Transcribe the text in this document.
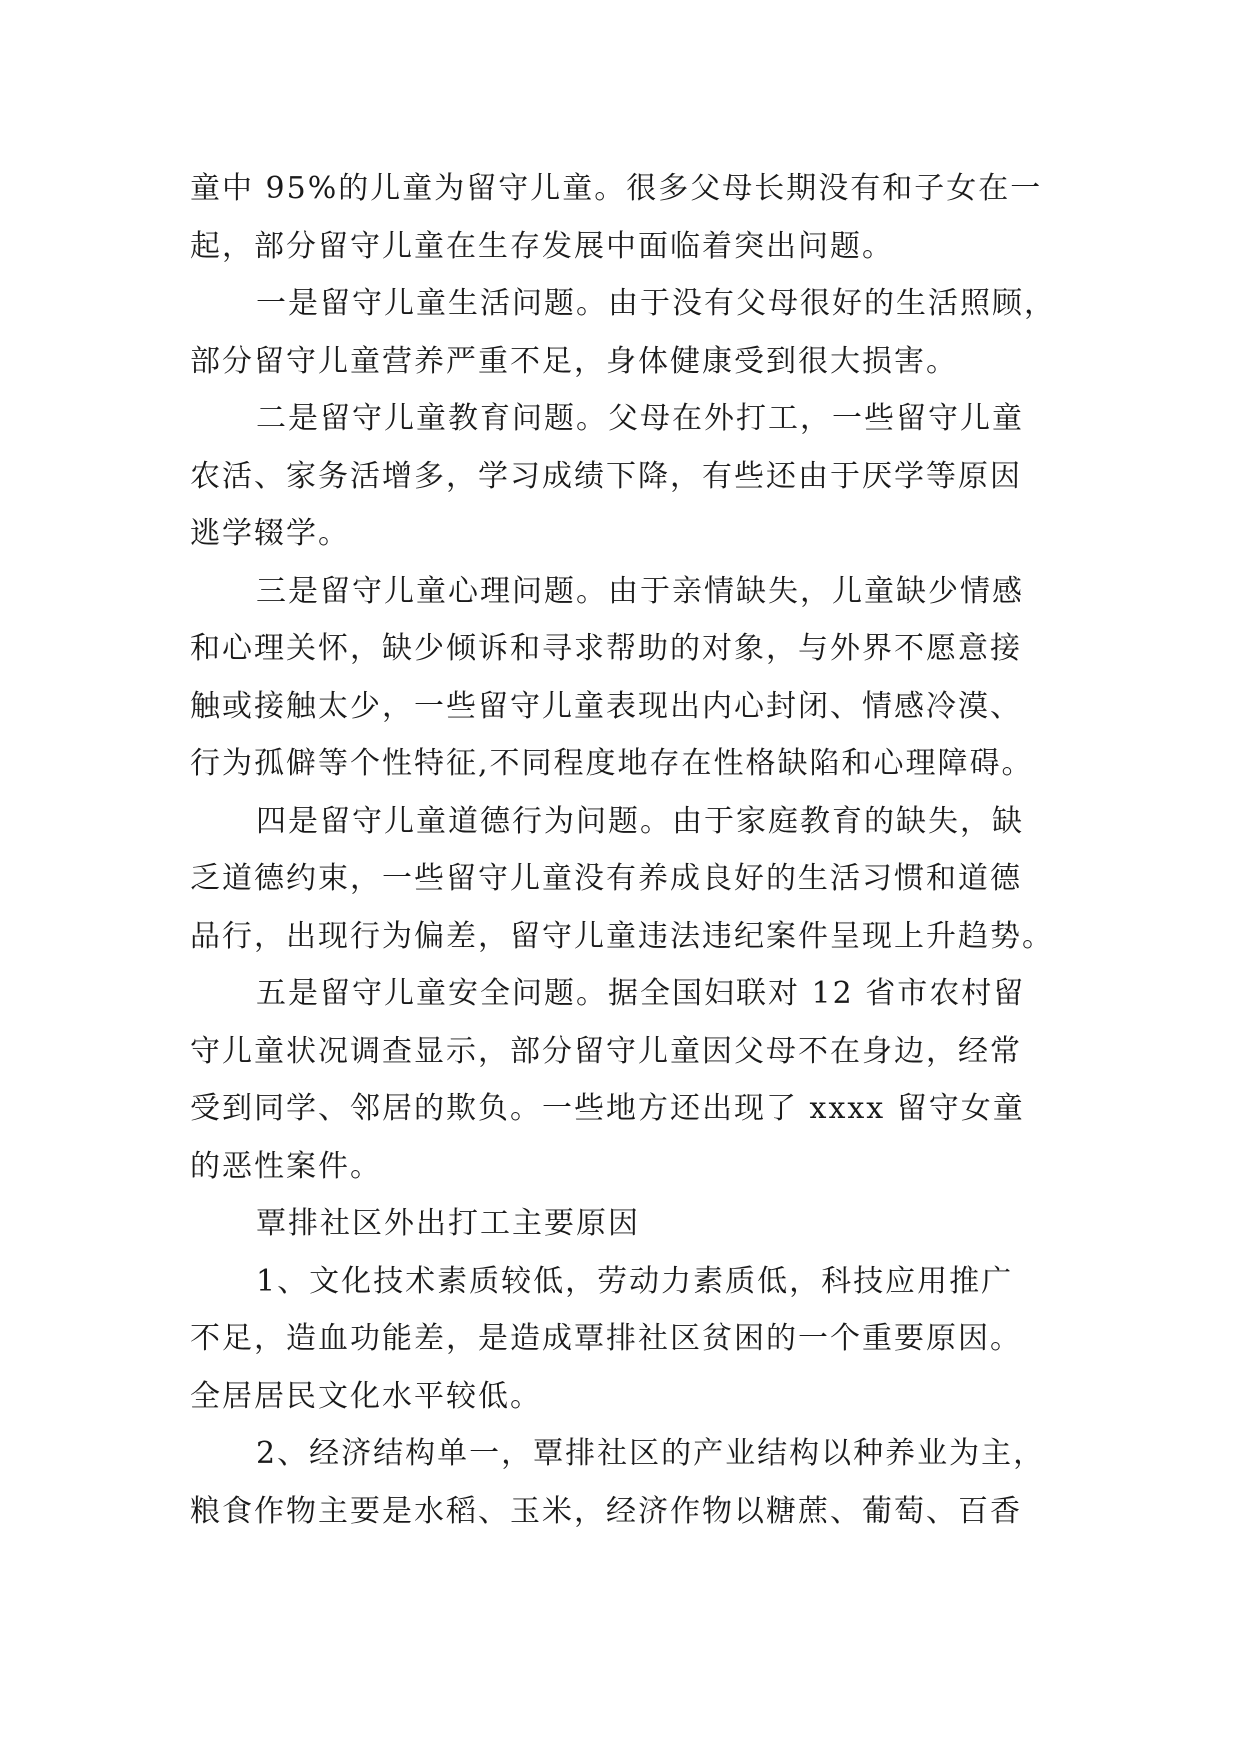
童中 95%的儿童为留守儿童。很多父母长期没有和子女在一
起，部分留守儿童在生存发展中面临着突出问题。
一是留守儿童生活问题。由于没有父母很好的生活照顾，
部分留守儿童营养严重不足，身体健康受到很大损害。
二是留守儿童教育问题。父母在外打工，一些留守儿童
农活、家务活增多，学习成绩下降，有些还由于厌学等原因
逃学辍学。
三是留守儿童心理问题。由于亲情缺失，儿童缺少情感
和心理关怀，缺少倾诉和寻求帮助的对象，与外界不愿意接
触或接触太少，一些留守儿童表现出内心封闭、情感冷漠、
行为孤僻等个性特征,不同程度地存在性格缺陷和心理障碍。
四是留守儿童道德行为问题。由于家庭教育的缺失，缺
乏道德约束，一些留守儿童没有养成良好的生活习惯和道德
品行，出现行为偏差，留守儿童违法违纪案件呈现上升趋势。
五是留守儿童安全问题。据全国妇联对 12 省市农村留
守儿童状况调查显示，部分留守儿童因父母不在身边，经常
受到同学、邻居的欺负。一些地方还出现了 xxxx 留守女童
的恶性案件。
覃排社区外出打工主要原因
1、文化技术素质较低，劳动力素质低，科技应用推广
不足，造血功能差，是造成覃排社区贫困的一个重要原因。
全居居民文化水平较低。
2、经济结构单一，覃排社区的产业结构以种养业为主，
粮食作物主要是水稻、玉米，经济作物以糖蔗、葡萄、百香
